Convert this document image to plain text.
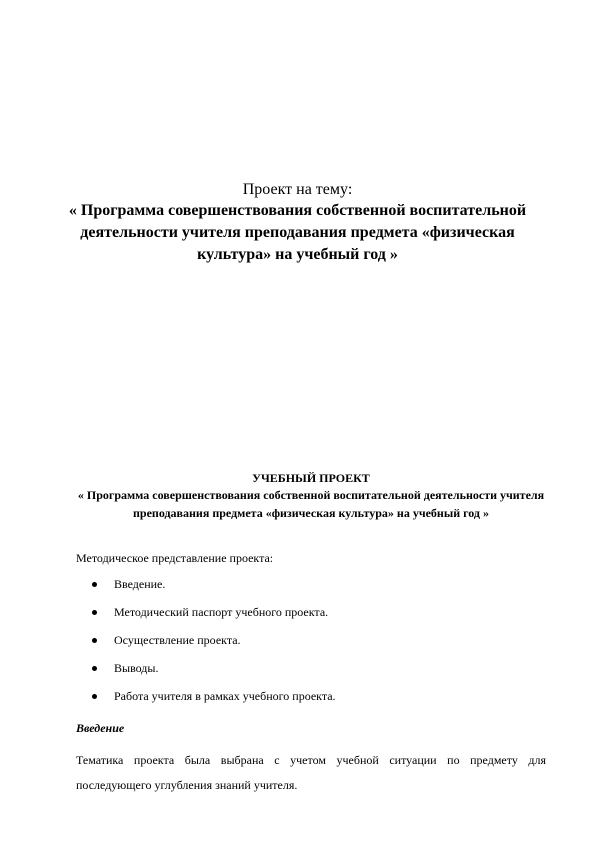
Проект на тему:
« Программа совершенствования собственной воспитательной деятельности учителя преподавания предмета «физическая культура» на учебный год »
УЧЕБНЫЙ ПРОЕКТ
« Программа совершенствования собственной воспитательной деятельности учителя преподавания предмета «физическая культура» на учебный год »
Методическое представление проекта:
Введение.
Методический паспорт учебного проекта.
Осуществление проекта.
Выводы.
Работа учителя в рамках учебного проекта.
Введение
Тематика проекта была выбрана с учетом учебной ситуации по предмету для последующего углубления знаний учителя.
